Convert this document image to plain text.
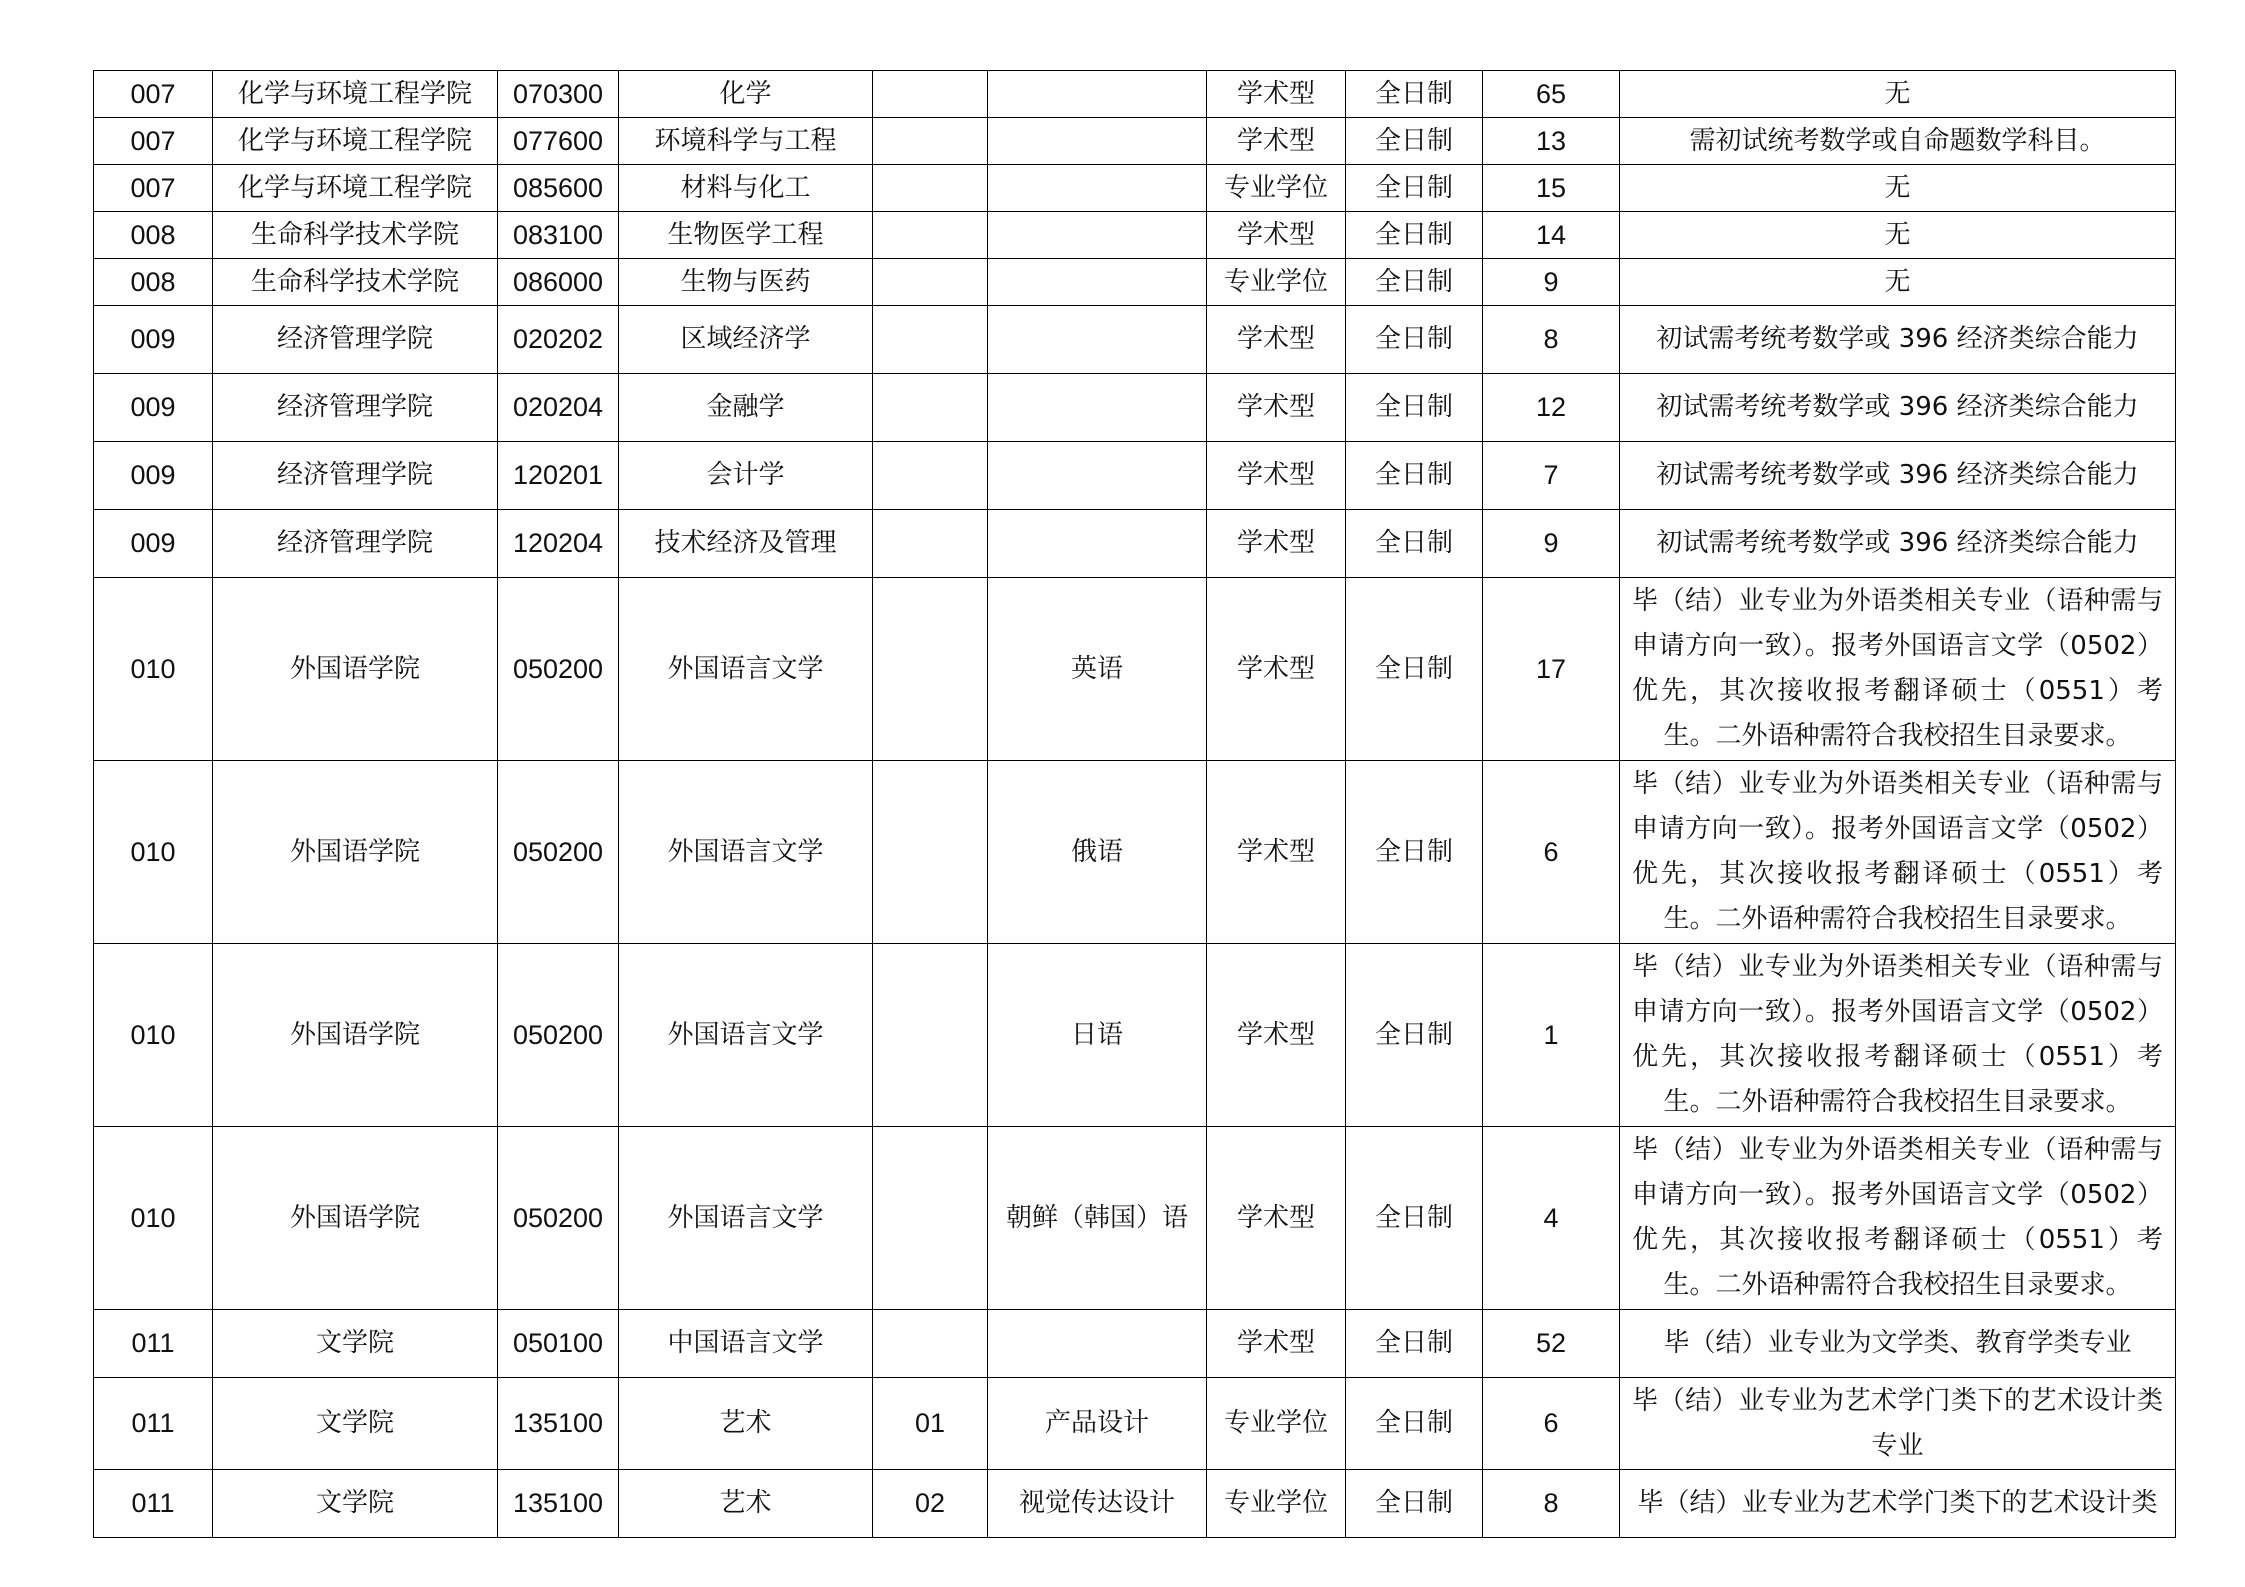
007	化学与环境工程学院	070300	化学			学术型	全日制	65	无
007	化学与环境工程学院	077600	环境科学与工程			学术型	全日制	13	需初试统考数学或自命题数学科目。
007	化学与环境工程学院	085600	材料与化工			专业学位	全日制	15	无
008	生命科学技术学院	083100	生物医学工程			学术型	全日制	14	无
008	生命科学技术学院	086000	生物与医药			专业学位	全日制	9	无
009	经济管理学院	020202	区域经济学			学术型	全日制	8	初试需考统考数学或 396 经济类综合能力
009	经济管理学院	020204	金融学			学术型	全日制	12	初试需考统考数学或 396 经济类综合能力
009	经济管理学院	120201	会计学			学术型	全日制	7	初试需考统考数学或 396 经济类综合能力
009	经济管理学院	120204	技术经济及管理			学术型	全日制	9	初试需考统考数学或 396 经济类综合能力
010	外国语学院	050200	外国语言文学		英语	学术型	全日制	17	毕（结）业专业为外语类相关专业（语种需与申请方向一致）。报考外国语言文学（0502）优先，其次接收报考翻译硕士（0551）考生。二外语种需符合我校招生目录要求。
010	外国语学院	050200	外国语言文学		俄语	学术型	全日制	6	毕（结）业专业为外语类相关专业（语种需与申请方向一致）。报考外国语言文学（0502）优先，其次接收报考翻译硕士（0551）考生。二外语种需符合我校招生目录要求。
010	外国语学院	050200	外国语言文学		日语	学术型	全日制	1	毕（结）业专业为外语类相关专业（语种需与申请方向一致）。报考外国语言文学（0502）优先，其次接收报考翻译硕士（0551）考生。二外语种需符合我校招生目录要求。
010	外国语学院	050200	外国语言文学		朝鲜（韩国）语	学术型	全日制	4	毕（结）业专业为外语类相关专业（语种需与申请方向一致）。报考外国语言文学（0502）优先，其次接收报考翻译硕士（0551）考生。二外语种需符合我校招生目录要求。
011	文学院	050100	中国语言文学			学术型	全日制	52	毕（结）业专业为文学类、教育学类专业
011	文学院	135100	艺术	01	产品设计	专业学位	全日制	6	毕（结）业专业为艺术学门类下的艺术设计类专业
011	文学院	135100	艺术	02	视觉传达设计	专业学位	全日制	8	毕（结）业专业为艺术学门类下的艺术设计类
